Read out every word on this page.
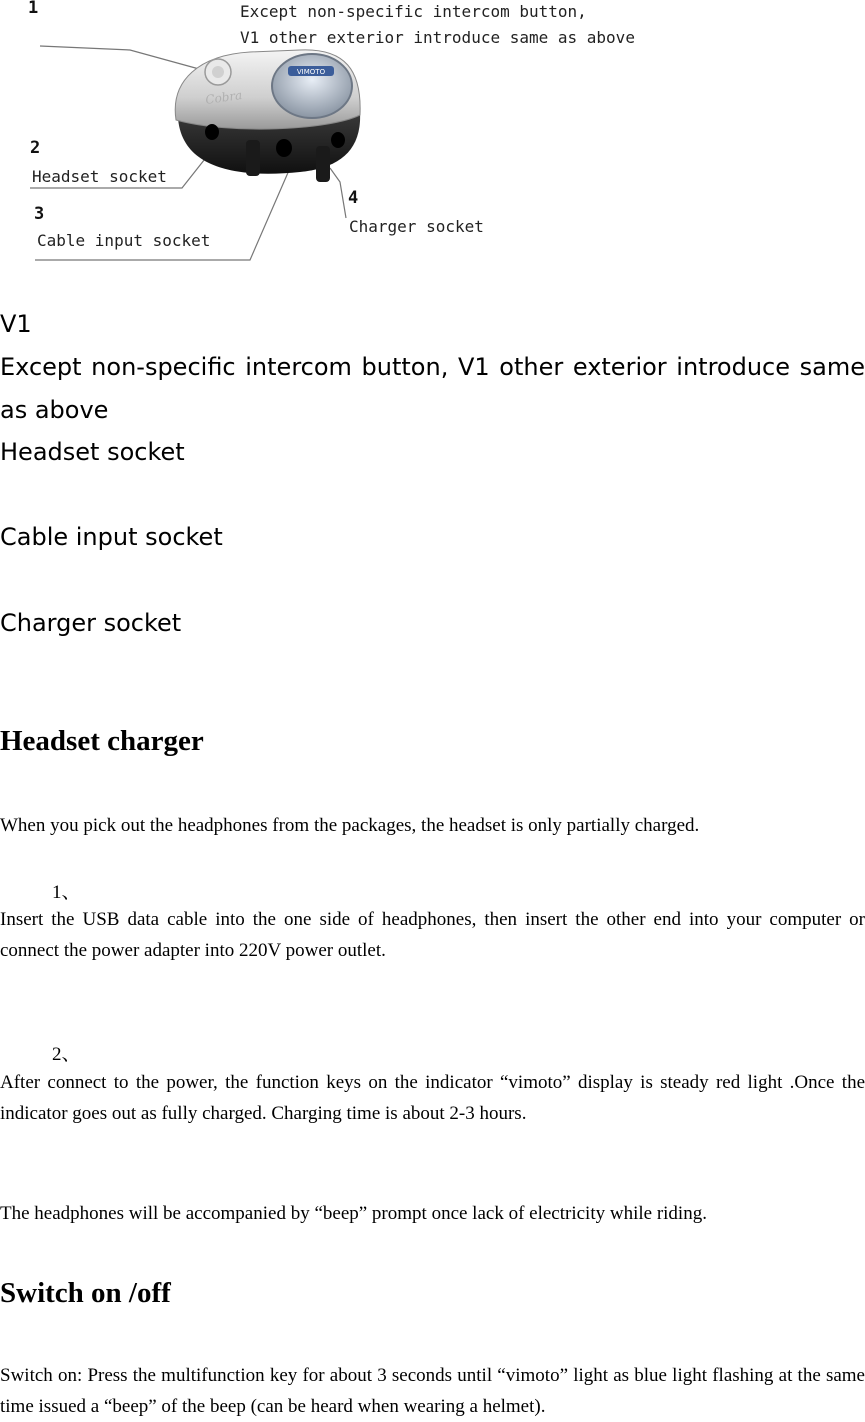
VIMOTO
Cobra
1	Except non-specific intercom button,
V1 other exterior introduce same as above
2
Headset socket
3
Cable input socket
4
Charger socket
V1
Except non-specific intercom button, V1 other exterior introduce same as above
Headset socket
Cable input socket
Charger socket
Headset charger
When you pick out the headphones from the packages, the headset is only partially charged.
1、
Insert the USB data cable into the one side of headphones, then insert the other end into your computer or connect the power adapter into 220V power outlet.
2、
After connect to the power, the function keys on the indicator “vimoto” display is steady red light .Once the indicator goes out as fully charged. Charging time is about 2-3 hours.
The headphones will be accompanied by “beep” prompt once lack of electricity while riding.
Switch on /off
Switch on: Press the multifunction key for about 3 seconds until “vimoto” light as blue light flashing at the same time issued a “beep” of the beep (can be heard when wearing a helmet).
